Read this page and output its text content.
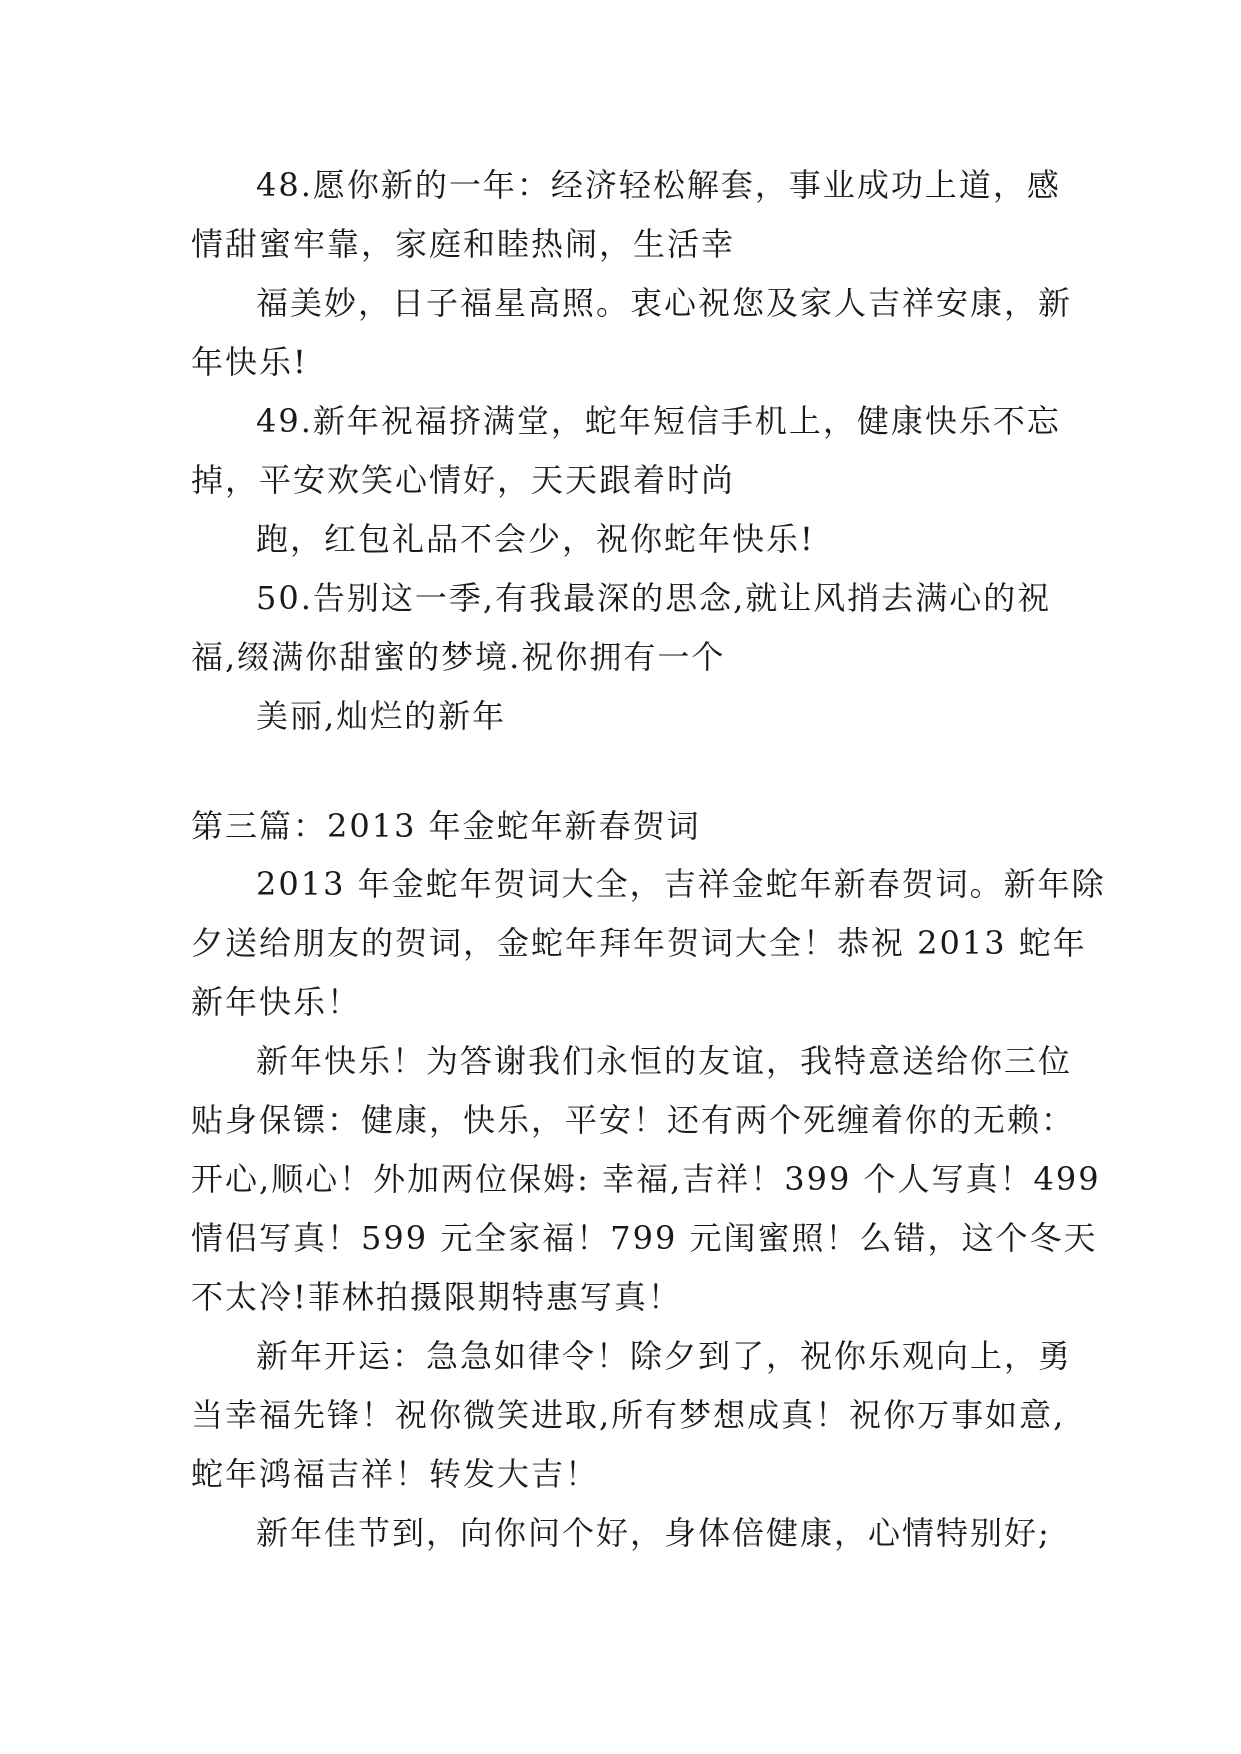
48.愿你新的一年：经济轻松解套，事业成功上道，感
情甜蜜牢靠，家庭和睦热闹，生活幸
福美妙，日子福星高照。衷心祝您及家人吉祥安康，新
年快乐!
49.新年祝福挤满堂，蛇年短信手机上，健康快乐不忘
掉，平安欢笑心情好，天天跟着时尚
跑，红包礼品不会少，祝你蛇年快乐!
50.告别这一季,有我最深的思念,就让风捎去满心的祝
福,缀满你甜蜜的梦境.祝你拥有一个
美丽,灿烂的新年
第三篇：2013 年金蛇年新春贺词
2013 年金蛇年贺词大全，吉祥金蛇年新春贺词。新年除
夕送给朋友的贺词，金蛇年拜年贺词大全！恭祝 2013 蛇年
新年快乐！
新年快乐！为答谢我们永恒的友谊，我特意送给你三位
贴身保镖：健康，快乐，平安！还有两个死缠着你的无赖：
开心,顺心！外加两位保姆: 幸福,吉祥！399 个人写真！499
情侣写真！599 元全家福！799 元闺蜜照！么错，这个冬天
不太冷!菲林拍摄限期特惠写真！
新年开运：急急如律令！除夕到了，祝你乐观向上，勇
当幸福先锋！祝你微笑进取,所有梦想成真！祝你万事如意,
蛇年鸿福吉祥！转发大吉！
新年佳节到，向你问个好，身体倍健康，心情特别好;
